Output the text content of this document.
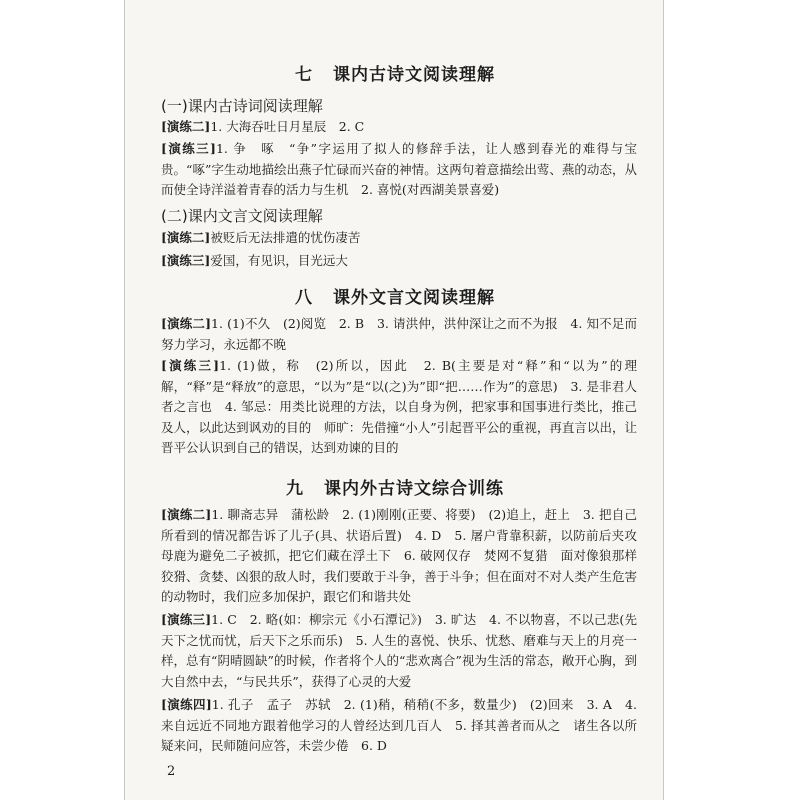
七 课内古诗文阅读理解
(一)课内古诗词阅读理解
[演练二]1. 大海吞吐日月星辰　2. C
[演练三]1. 争　啄　“争”字运用了拟人的修辞手法，让人感到春光的难得与宝贵。“啄”字生动地描绘出燕子忙碌而兴奋的神情。这两句着意描绘出莺、燕的动态，从而使全诗洋溢着青春的活力与生机　2. 喜悦(对西湖美景喜爱)
(二)课内文言文阅读理解
[演练二]被贬后无法排遣的忧伤凄苦
[演练三]爱国，有见识，目光远大
八 课外文言文阅读理解
[演练二]1. (1)不久　(2)阅览　2. B　3. 请洪仲，洪仲深让之而不为报　4. 知不足而努力学习，永远都不晚
[演练三]1. (1)做，称　(2)所以，因此　2. B(主要是对“释”和“以为”的理解，“释”是“释放”的意思，“以为”是“以(之)为”即“把……作为”的意思)　3. 是非君人者之言也　4. 邹忌：用类比说理的方法，以自身为例，把家事和国事进行类比，推己及人，以此达到讽劝的目的　师旷：先借撞“小人”引起晋平公的重视，再直言以出，让晋平公认识到自己的错误，达到劝谏的目的
九 课内外古诗文综合训练
[演练二]1. 聊斋志异　蒲松龄　2. (1)刚刚(正要、将要)　(2)追上，赶上　3. 把自己所看到的情况都告诉了儿子(具、状语后置)　4. D　5. 屠户背靠积薪，以防前后夹攻　母鹿为避免二子被抓，把它们藏在浮土下　6. 破网仅存　焚网不复猎　面对像狼那样狡猾、贪婪、凶狠的敌人时，我们要敢于斗争，善于斗争；但在面对不对人类产生危害的动物时，我们应多加保护，跟它们和谐共处
[演练三]1. C　2. 略(如：柳宗元《小石潭记》)　3. 旷达　4. 不以物喜，不以己悲(先天下之忧而忧，后天下之乐而乐)　5. 人生的喜悦、快乐、忧愁、磨难与天上的月亮一样，总有“阴晴圆缺”的时候，作者将个人的“悲欢离合”视为生活的常态，敞开心胸，到大自然中去，“与民共乐”，获得了心灵的大爱
[演练四]1. 孔子　孟子　苏轼　2. (1)稍，稍稍(不多，数量少)　(2)回来　3. A　4. 来自远近不同地方跟着他学习的人曾经达到几百人　5. 择其善者而从之　诸生各以所疑来问，民师随问应答，未尝少倦　6. D
2
